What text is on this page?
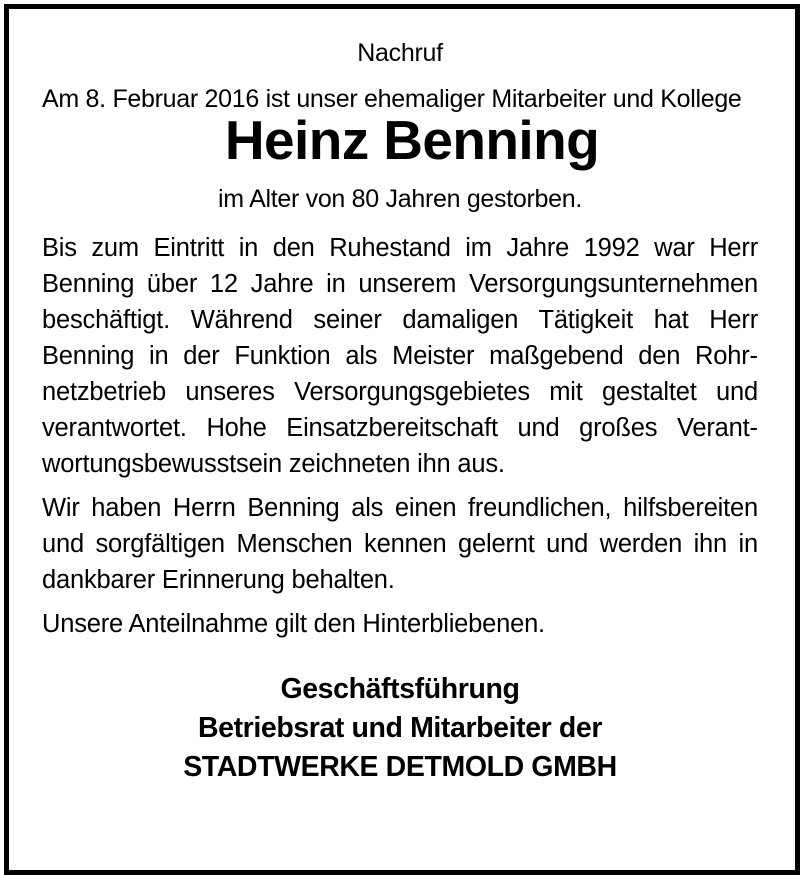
Nachruf
Am 8. Februar 2016 ist unser ehemaliger Mitarbeiter und Kollege
Heinz Benning
im Alter von 80 Jahren gestorben.

Bis zum Eintritt in den Ruhestand im Jahre 1992 war Herr Benning über 12 Jahre in unserem Versorgungsunternehmen beschäftigt. Während seiner damaligen Tätigkeit hat Herr Benning in der Funktion als Meister maßgebend den Rohrnetzbetrieb unseres Versorgungsgebietes mit gestaltet und verantwortet. Hohe Einsatzbereitschaft und großes Verantwortungsbewusstsein zeichneten ihn aus.

Wir haben Herrn Benning als einen freundlichen, hilfsbereiten und sorgfältigen Menschen kennen gelernt und werden ihn in dankbarer Erinnerung behalten.

Unsere Anteilnahme gilt den Hinterbliebenen.

Geschäftsführung
Betriebsrat und Mitarbeiter der
STADTWERKE DETMOLD GMBH
